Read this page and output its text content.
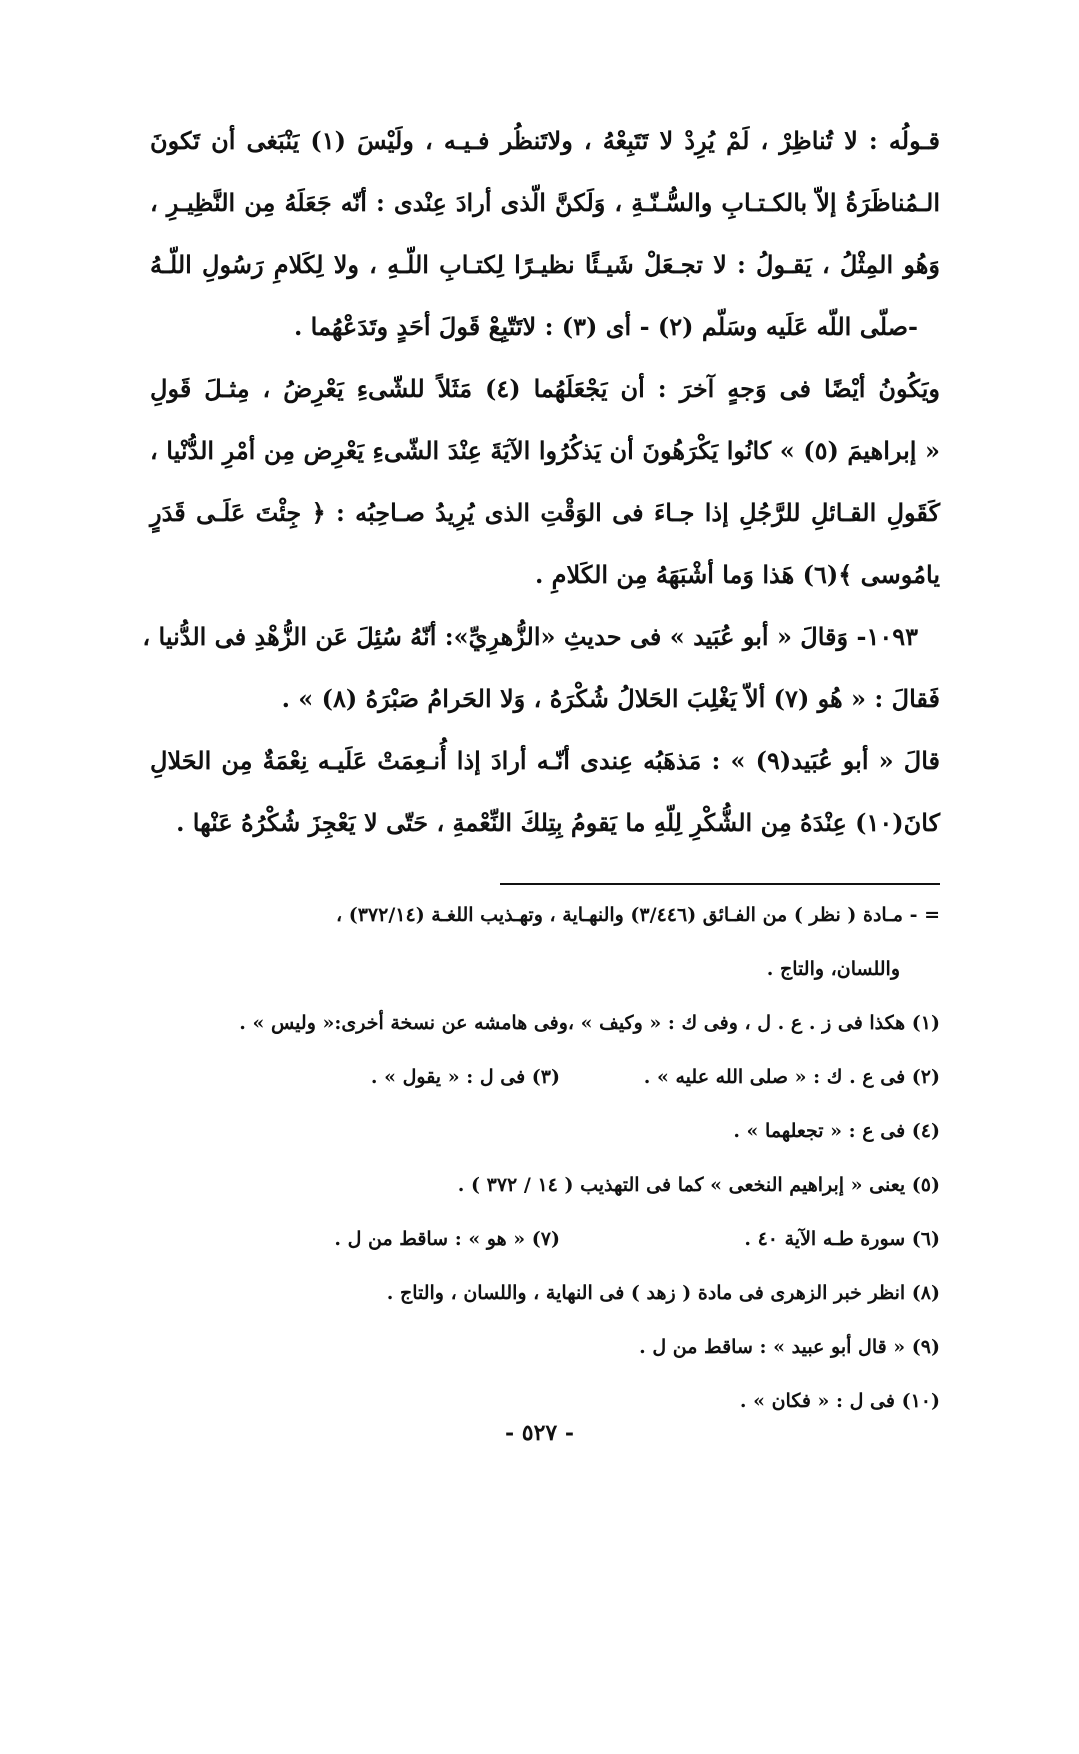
قـولُه : لا تُناظِرْ ، لَمْ يُرِدْ لا تَتَبِعْهُ ، ولاتَنظُر فـيـه ، ولَيْسَ (١) يَنْبَغى أن تَكونَ
الـمُناظَرَةُ إلاّ بالكـتـابِ والسُّـنّـةِ ، وَلَكنَّ الّذى أرادَ عِنْدى : أنّه جَعَلَهُ مِن النَّظِيـرِ ،
وَهُو المِثْلُ ، يَقـولُ : لا تجـعَلْ شَيـئًا نظيـرًا لِكتـابِ اللّـهِ ، ولا لِكَلامِ رَسُولِ اللّـهُ
-صلّى اللّه عَلَيه وسَلّم (٢) - أى (٣) : لاتَتّبِعْ قَولَ أحَدٍ وتَدَعْهُما .
ويَكُونُ أيْضًا فى وَجهٍ آخرَ : أن يَجْعَلَهُما (٤) مَثَلاً للشّىءِ يَعْرِضُ ، مِثـلَ قَولِ
« إبراهيمَ (٥) » كانُوا يَكْرَهُونَ أن يَذكُرُوا الآيَةَ عِنْدَ الشّىءِ يَعْرِض مِن أمْرِ الدُّنْيا ،
كَقَولِ القـائلِ للرَّجُلِ إذا جـاءَ فى الوَقْتِ الذى يُرِيدُ صـاحِبُه : ﴿ جِئْتَ عَلَـى قَدَرٍ
يامُوسى ﴾(٦) هَذا وَما أشْبَهَهُ مِن الكَلامِ .
١٠٩٣- وَقالَ « أبو عُبَيد » فى حديثِ «الزُّهرِيِّ»: أنّهُ سُئِلَ عَن الزُّهْدِ فى الدُّنيا ،
فَقالَ : « هُو (٧) ألاّ يَغْلِبَ الحَلالُ شُكْرَهُ ، وَلا الحَرامُ صَبْرَهُ (٨) » .
قالَ « أبو عُبَيد(٩) » : مَذهَبُه عِندى أنّـه أرادَ إذا أُنـعِمَتْ عَلَيـه نِعْمَةٌ مِن الحَلالِ
كانَ(١٠) عِنْدَهُ مِن الشُّكْرِ لِلّهِ ما يَقومُ بِتِلكَ النِّعْمةِ ، حَتّى لا يَعْجِزَ شُكْرُهُ عَنْها .
= - مـادة ( نظر ) من الفـائق (٣/٤٤٦) والنهـاية ، وتهـذيب اللغـة (٣٧٢/١٤) ،
واللسان، والتاج .
(١) هكذا فى ز . ع . ل ، وفى ك : « وكيف » ،وفى هامشه عن نسخة أخرى:« وليس » .
(٢) فى ع . ك : « صلى الله عليه » .
(٣) فى ل : « يقول » .
(٤) فى ع : « تجعلهما » .
(٥) يعنى « إبراهيم النخعى » كما فى التهذيب ( ١٤ / ٣٧٢ ) .
(٦) سورة طـه الآية ٤٠ .
(٧) « هو » : ساقط من ل .
(٨) انظر خبر الزهرى فى مادة ( زهد ) فى النهاية ، واللسان ، والتاج .
(٩) « قال أبو عبيد » : ساقط من ل .
(١٠) فى ل : « فكان » .
- ٥٢٧ -
